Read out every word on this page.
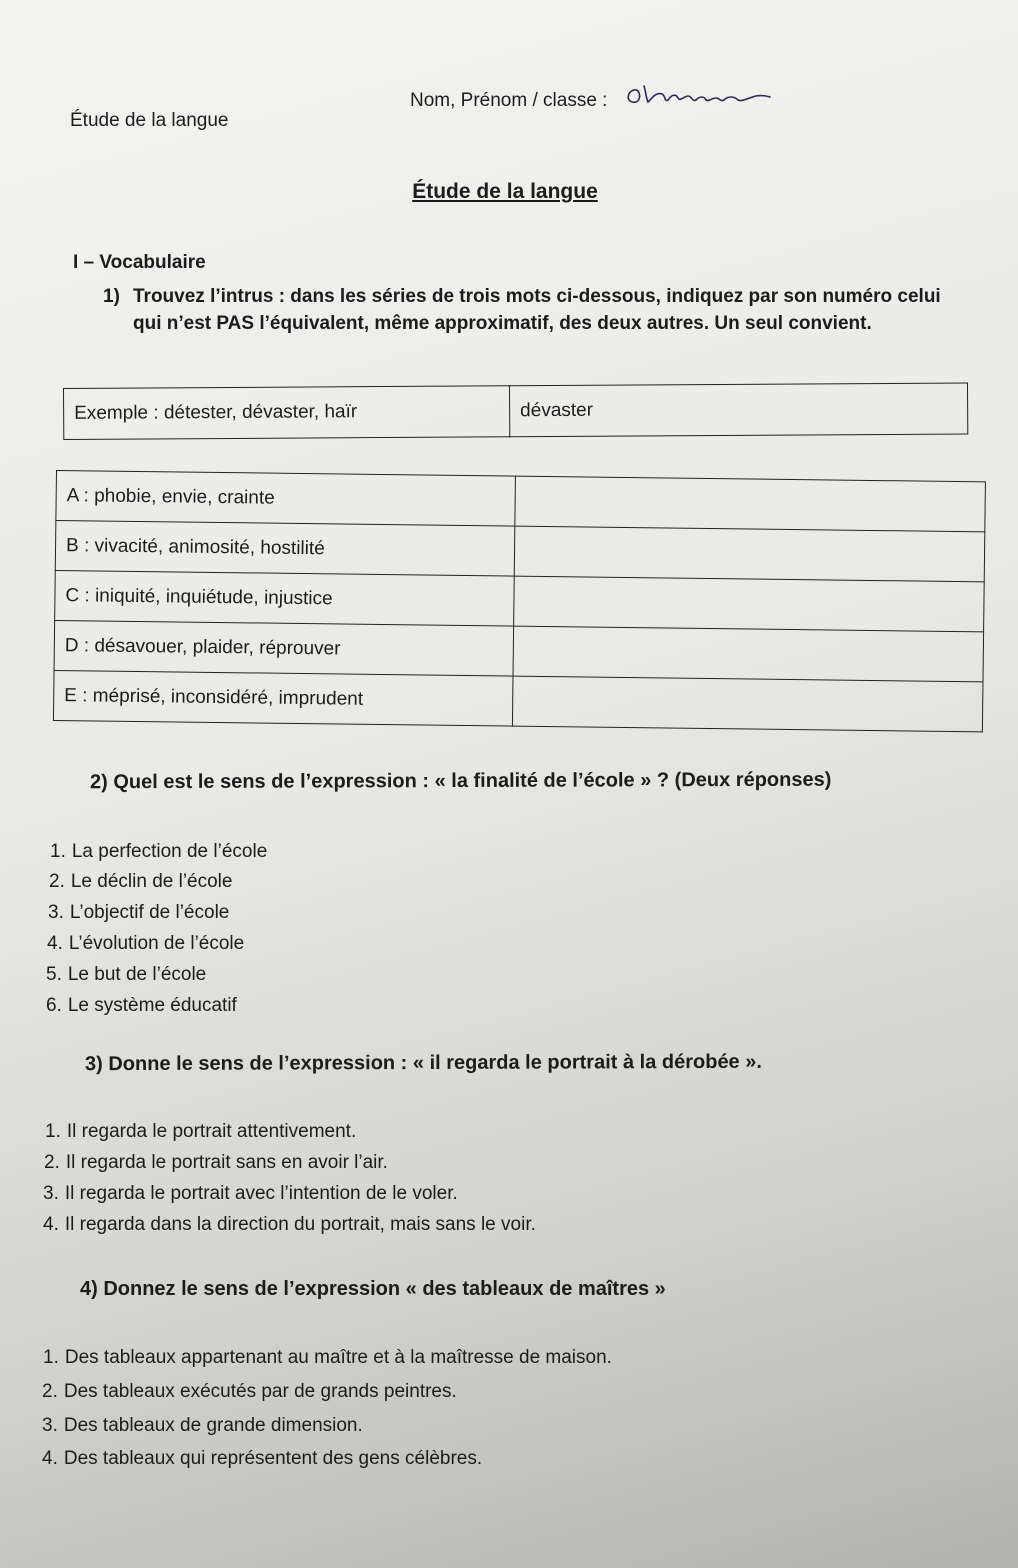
Étude de la langue
Nom, Prénom / classe :
Étude de la langue
I – Vocabulaire
1) Trouvez l’intrus : dans les séries de trois mots ci-dessous, indiquez par son numéro celui qui n’est PAS l’équivalent, même approximatif, des deux autres. Un seul convient.
Exemple : détester, dévaster, haïr	dévaster
A : phobie, envie, crainte	
B : vivacité, animosité, hostilité	
C : iniquité, inquiétude, injustice	
D : désavouer, plaider, réprouver	
E : méprisé, inconsidéré, imprudent	
2) Quel est le sens de l’expression : « la finalité de l’école » ? (Deux réponses)
1. La perfection de l’école
2. Le déclin de l’école
3. L’objectif de l’école
4. L’évolution de l’école
5. Le but de l’école
6. Le système éducatif
3) Donne le sens de l’expression : « il regarda le portrait à la dérobée ».
1. Il regarda le portrait attentivement.
2. Il regarda le portrait sans en avoir l’air.
3. Il regarda le portrait avec l’intention de le voler.
4. Il regarda dans la direction du portrait, mais sans le voir.
4) Donnez le sens de l’expression « des tableaux de maîtres »
1. Des tableaux appartenant au maître et à la maîtresse de maison.
2. Des tableaux exécutés par de grands peintres.
3. Des tableaux de grande dimension.
4. Des tableaux qui représentent des gens célèbres.
